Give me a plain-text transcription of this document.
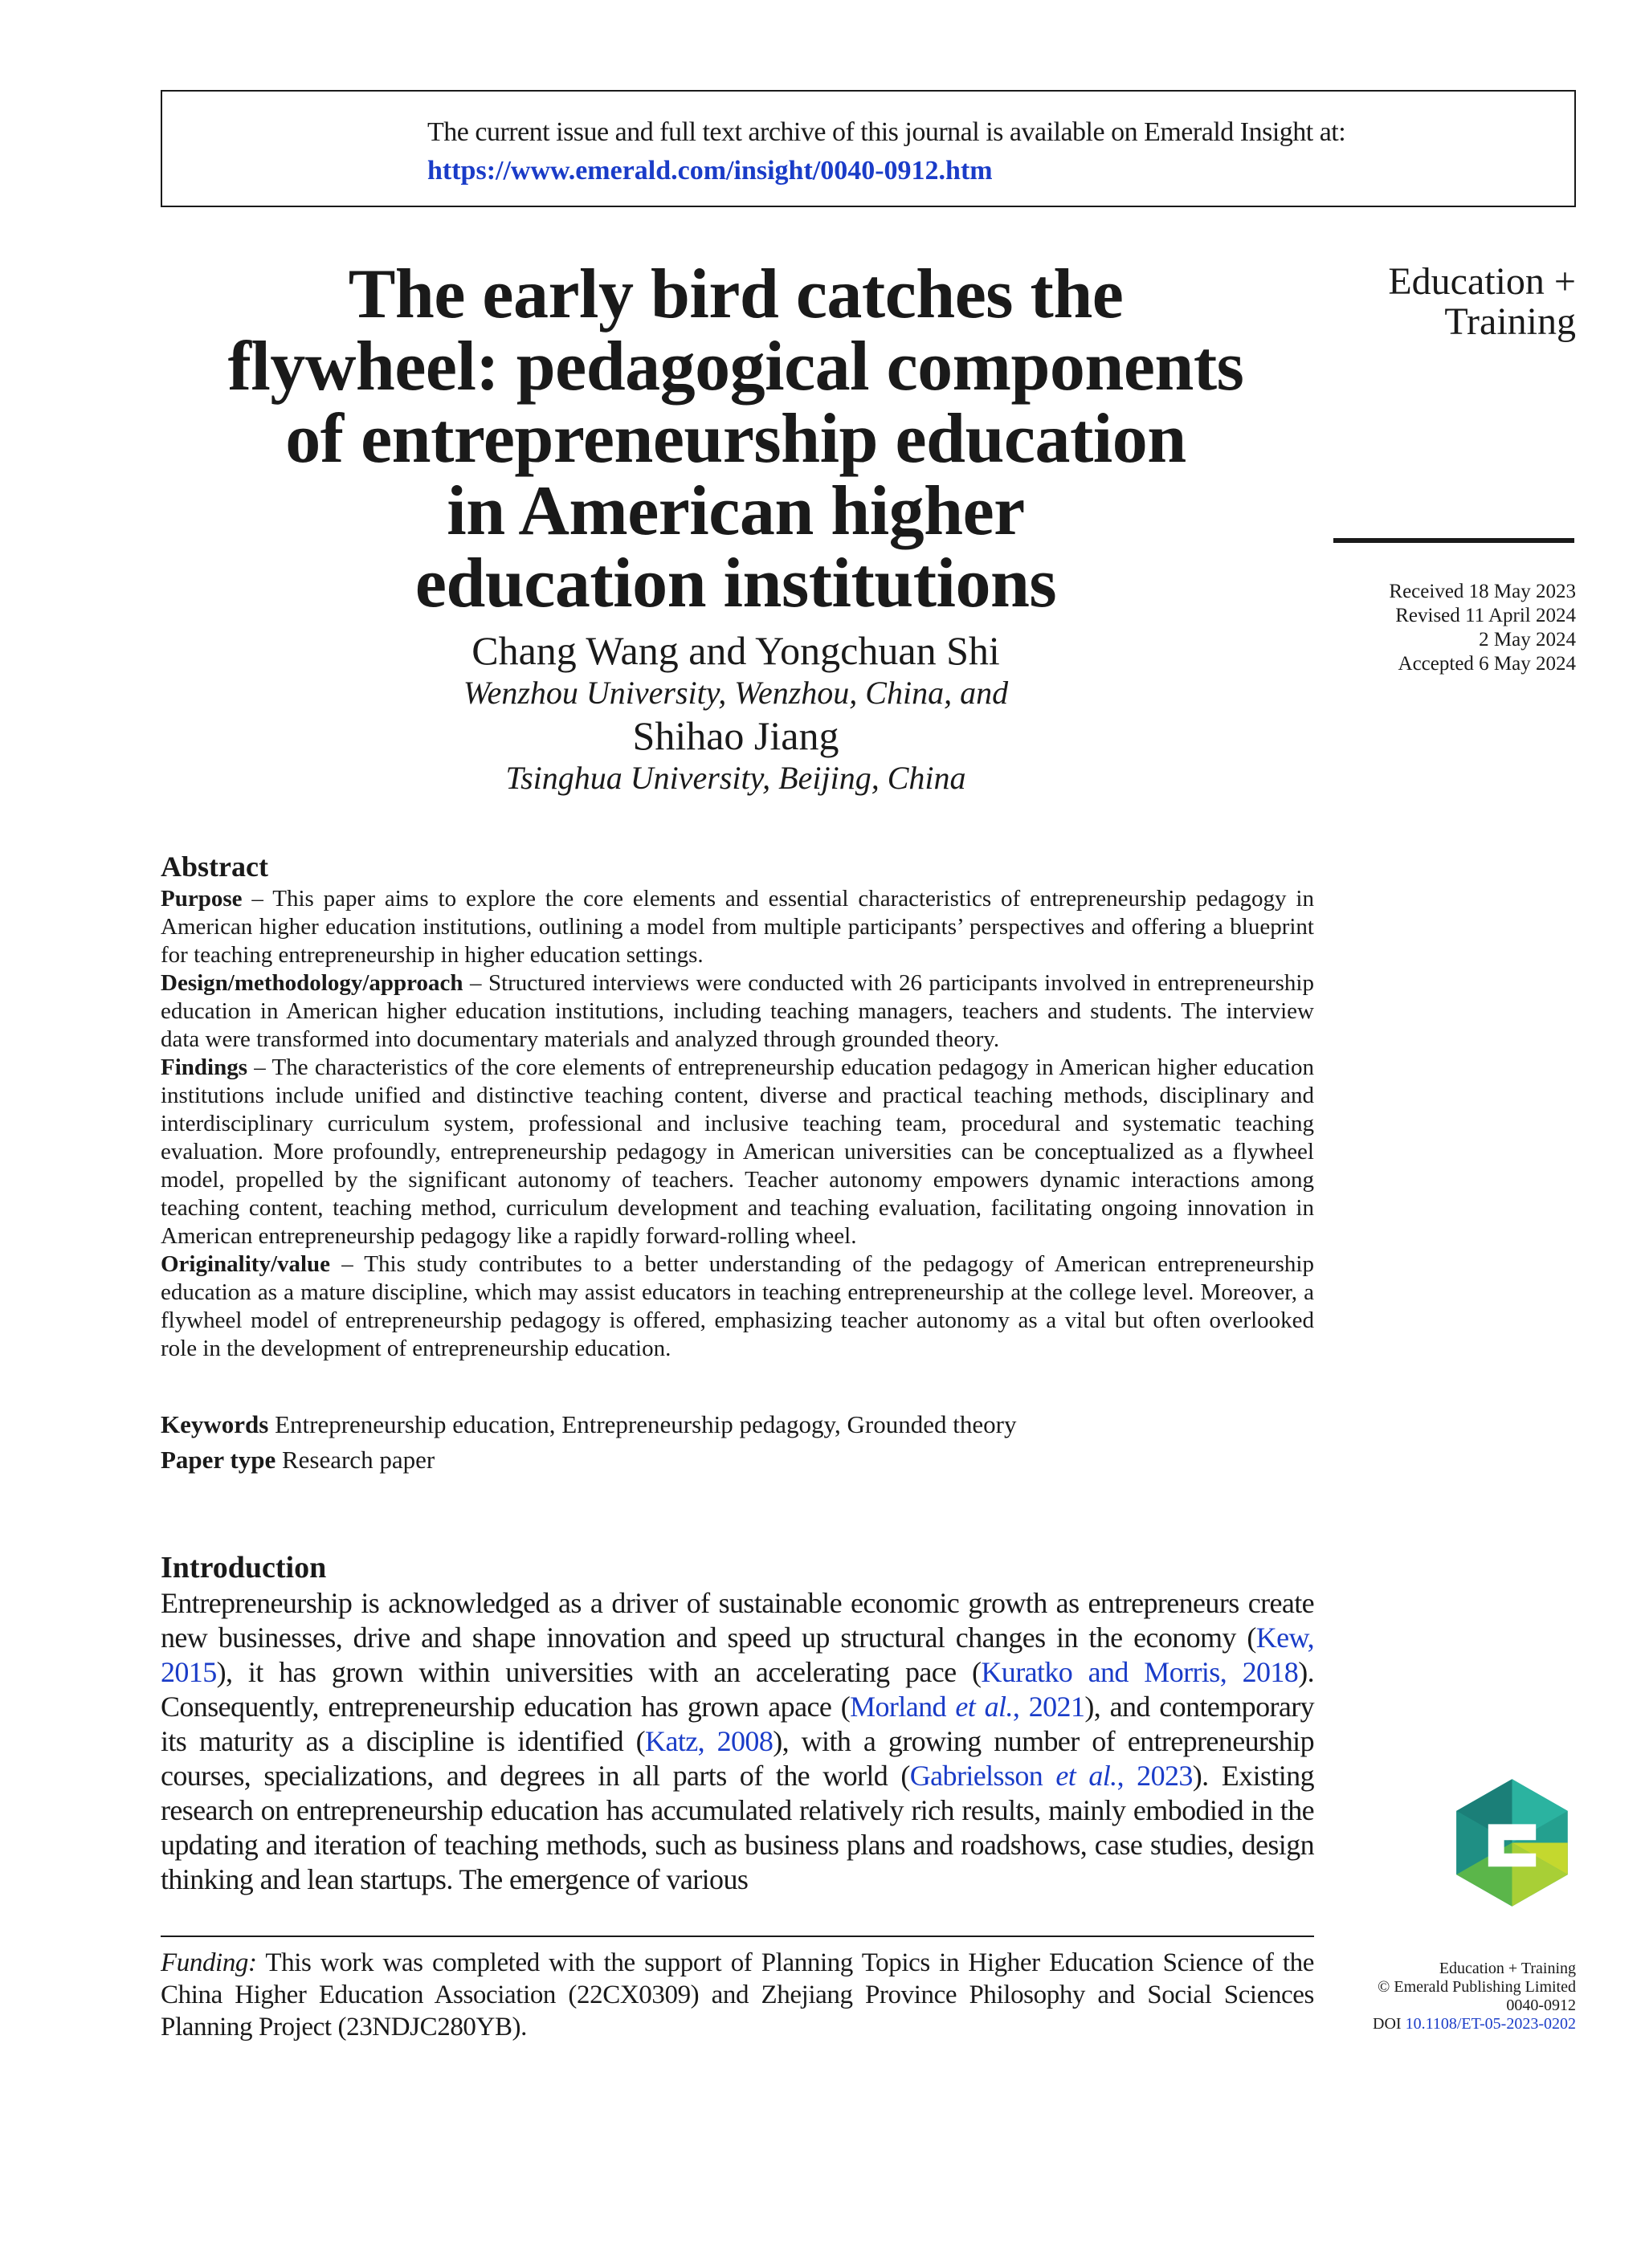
The current issue and full text archive of this journal is available on Emerald Insight at:
https://www.emerald.com/insight/0040-0912.htm
Education +
Training
Received 18 May 2023
Revised 11 April 2024
2 May 2024
Accepted 6 May 2024
The early bird catches the
flywheel: pedagogical components
of entrepreneurship education
in American higher
education institutions
Chang Wang and Yongchuan Shi
Wenzhou University, Wenzhou, China, and
Shihao Jiang
Tsinghua University, Beijing, China
Abstract

Purpose – This paper aims to explore the core elements and essential characteristics of entrepreneurship pedagogy in American higher education institutions, outlining a model from multiple participants’ perspectives and offering a blueprint for teaching entrepreneurship in higher education settings.

Design/methodology/approach – Structured interviews were conducted with 26 participants involved in entrepreneurship education in American higher education institutions, including teaching managers, teachers and students. The interview data were transformed into documentary materials and analyzed through grounded theory.

Findings – The characteristics of the core elements of entrepreneurship education pedagogy in American higher education institutions include unified and distinctive teaching content, diverse and practical teaching methods, disciplinary and interdisciplinary curriculum system, professional and inclusive teaching team, procedural and systematic teaching evaluation. More profoundly, entrepreneurship pedagogy in American universities can be conceptualized as a flywheel model, propelled by the significant autonomy of teachers. Teacher autonomy empowers dynamic interactions among teaching content, teaching method, curriculum development and teaching evaluation, facilitating ongoing innovation in American entrepreneurship pedagogy like a rapidly forward-rolling wheel.

Originality/value – This study contributes to a better understanding of the pedagogy of American entrepreneurship education as a mature discipline, which may assist educators in teaching entrepreneurship at the college level. Moreover, a flywheel model of entrepreneurship pedagogy is offered, emphasizing teacher autonomy as a vital but often overlooked role in the development of entrepreneurship education.

Keywords Entrepreneurship education, Entrepreneurship pedagogy, Grounded theory
Paper type Research paper
Introduction

Entrepreneurship is acknowledged as a driver of sustainable economic growth as entrepreneurs create new businesses, drive and shape innovation and speed up structural changes in the economy (Kew, 2015), it has grown within universities with an accelerating pace (Kuratko and Morris, 2018). Consequently, entrepreneurship education has grown apace (Morland et al., 2021), and contemporary its maturity as a discipline is identified (Katz, 2008), with a growing number of entrepreneurship courses, specializations, and degrees in all parts of the world (Gabrielsson et al., 2023). Existing research on entrepreneurship education has accumulated relatively rich results, mainly embodied in the updating and iteration of teaching methods, such as business plans and roadshows, case studies, design thinking and lean startups. The emergence of various

Funding: This work was completed with the support of Planning Topics in Higher Education Science of the China Higher Education Association (22CX0309) and Zhejiang Province Philosophy and Social Sciences Planning Project (23NDJC280YB).
Education + Training
© Emerald Publishing Limited
0040-0912
DOI 10.1108/ET-05-2023-0202
